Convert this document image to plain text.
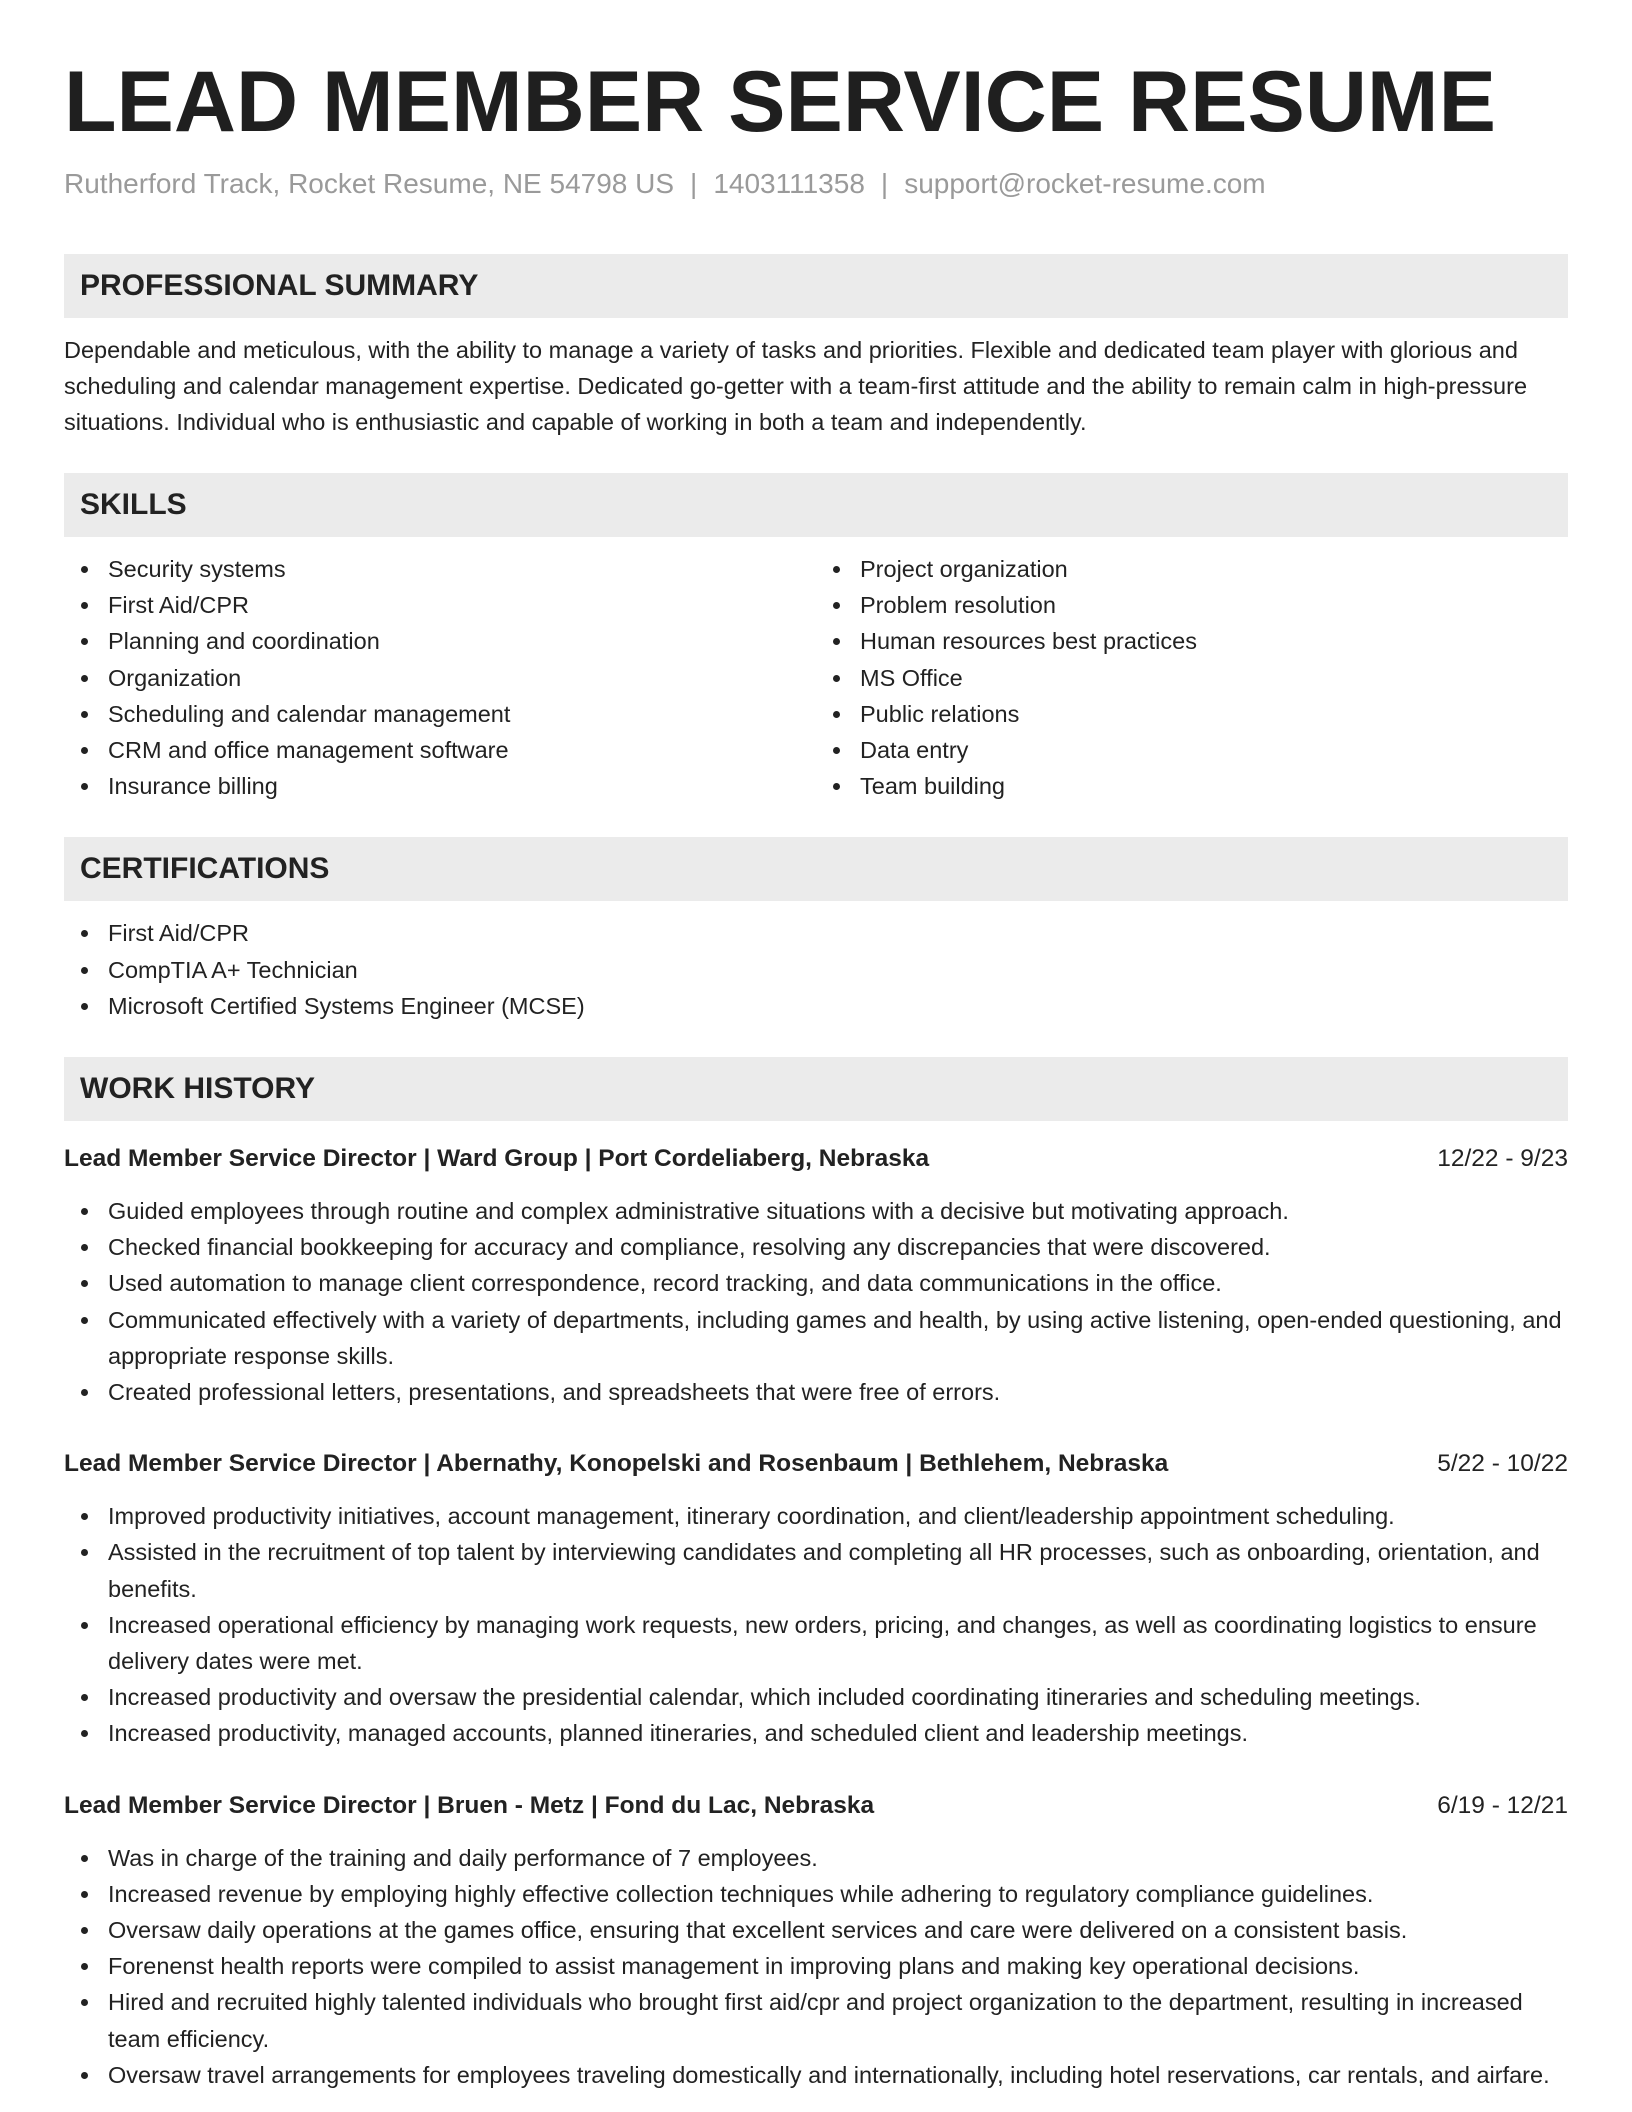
LEAD MEMBER SERVICE RESUME
Rutherford Track, Rocket Resume, NE 54798 US | 1403111358 | support@rocket-resume.com
PROFESSIONAL SUMMARY
Dependable and meticulous, with the ability to manage a variety of tasks and priorities. Flexible and dedicated team player with glorious and scheduling and calendar management expertise. Dedicated go-getter with a team-first attitude and the ability to remain calm in high-pressure situations. Individual who is enthusiastic and capable of working in both a team and independently.
SKILLS
Security systems
First Aid/CPR
Planning and coordination
Organization
Scheduling and calendar management
CRM and office management software
Insurance billing
Project organization
Problem resolution
Human resources best practices
MS Office
Public relations
Data entry
Team building
CERTIFICATIONS
First Aid/CPR
CompTIA A+ Technician
Microsoft Certified Systems Engineer (MCSE)
WORK HISTORY
Lead Member Service Director | Ward Group | Port Cordeliaberg, Nebraska	12/22 - 9/23
Guided employees through routine and complex administrative situations with a decisive but motivating approach.
Checked financial bookkeeping for accuracy and compliance, resolving any discrepancies that were discovered.
Used automation to manage client correspondence, record tracking, and data communications in the office.
Communicated effectively with a variety of departments, including games and health, by using active listening, open-ended questioning, and appropriate response skills.
Created professional letters, presentations, and spreadsheets that were free of errors.
Lead Member Service Director | Abernathy, Konopelski and Rosenbaum | Bethlehem, Nebraska	5/22 - 10/22
Improved productivity initiatives, account management, itinerary coordination, and client/leadership appointment scheduling.
Assisted in the recruitment of top talent by interviewing candidates and completing all HR processes, such as onboarding, orientation, and benefits.
Increased operational efficiency by managing work requests, new orders, pricing, and changes, as well as coordinating logistics to ensure delivery dates were met.
Increased productivity and oversaw the presidential calendar, which included coordinating itineraries and scheduling meetings.
Increased productivity, managed accounts, planned itineraries, and scheduled client and leadership meetings.
Lead Member Service Director | Bruen - Metz | Fond du Lac, Nebraska	6/19 - 12/21
Was in charge of the training and daily performance of 7 employees.
Increased revenue by employing highly effective collection techniques while adhering to regulatory compliance guidelines.
Oversaw daily operations at the games office, ensuring that excellent services and care were delivered on a consistent basis.
Forenenst health reports were compiled to assist management in improving plans and making key operational decisions.
Hired and recruited highly talented individuals who brought first aid/cpr and project organization to the department, resulting in increased team efficiency.
Oversaw travel arrangements for employees traveling domestically and internationally, including hotel reservations, car rentals, and airfare.
